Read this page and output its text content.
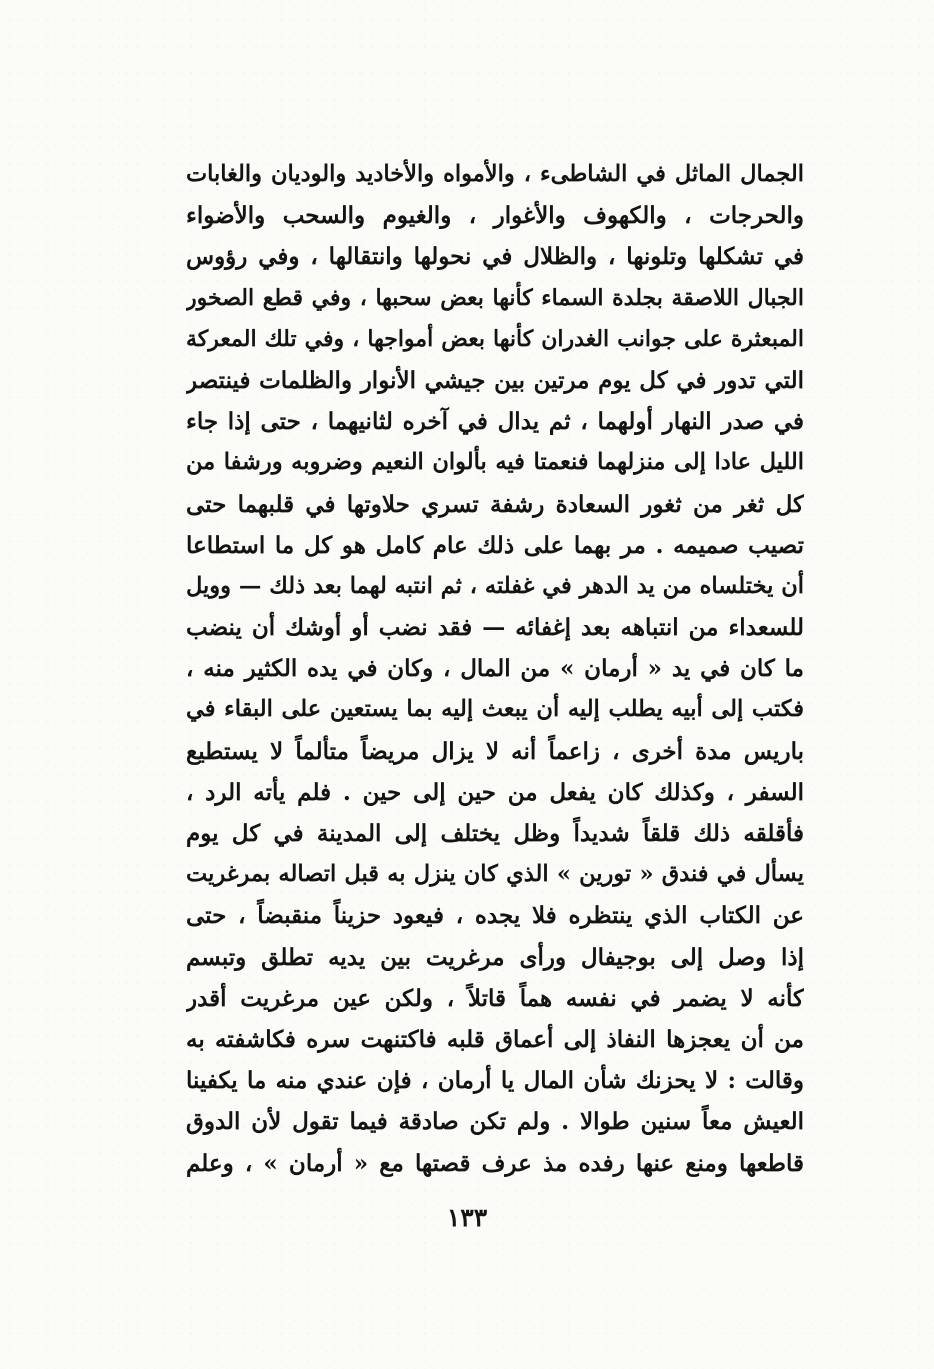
الجمال الماثل في الشاطىء ، والأمواه والأخاديد والوديان والغابات
والحرجات ، والكهوف والأغوار ، والغيوم والسحب والأضواء
في تشكلها وتلونها ، والظلال في نحولها وانتقالها ، وفي رؤوس
الجبال اللاصقة بجلدة السماء كأنها بعض سحبها ، وفي قطع الصخور
المبعثرة على جوانب الغدران كأنها بعض أمواجها ، وفي تلك المعركة
التي تدور في كل يوم مرتين بين جيشي الأنوار والظلمات فينتصر
في صدر النهار أولهما ، ثم يدال في آخره لثانيهما ، حتى إذا جاء
الليل عادا إلى منزلهما فنعمتا فيه بألوان النعيم وضروبه ورشفا من
كل ثغر من ثغور السعادة رشفة تسري حلاوتها في قلبهما حتى
تصيب صميمه . مر بهما على ذلك عام كامل هو كل ما استطاعا
أن يختلساه من يد الدهر في غفلته ، ثم انتبه لهما بعد ذلك — وويل
للسعداء من انتباهه بعد إغفائه — فقد نضب أو أوشك أن ينضب
ما كان في يد « أرمان » من المال ، وكان في يده الكثير منه ،
فكتب إلى أبيه يطلب إليه أن يبعث إليه بما يستعين على البقاء في
باريس مدة أخرى ، زاعماً أنه لا يزال مريضاً متألماً لا يستطيع
السفر ، وكذلك كان يفعل من حين إلى حين . فلم يأته الرد ،
فأقلقه ذلك قلقاً شديداً وظل يختلف إلى المدينة في كل يوم
يسأل في فندق « تورين » الذي كان ينزل به قبل اتصاله بمرغريت
عن الكتاب الذي ينتظره فلا يجده ، فيعود حزيناً منقبضاً ، حتى
إذا وصل إلى بوجيفال ورأى مرغريت بين يديه تطلق وتبسم
كأنه لا يضمر في نفسه هماً قاتلاً ، ولكن عين مرغريت أقدر
من أن يعجزها النفاذ إلى أعماق قلبه فاكتنهت سره فكاشفته به
وقالت : لا يحزنك شأن المال يا أرمان ، فإن عندي منه ما يكفينا
العيش معاً سنين طوالا . ولم تكن صادقة فيما تقول لأن الدوق
قاطعها ومنع عنها رفده مذ عرف قصتها مع « أرمان » ، وعلم
١٣٣
